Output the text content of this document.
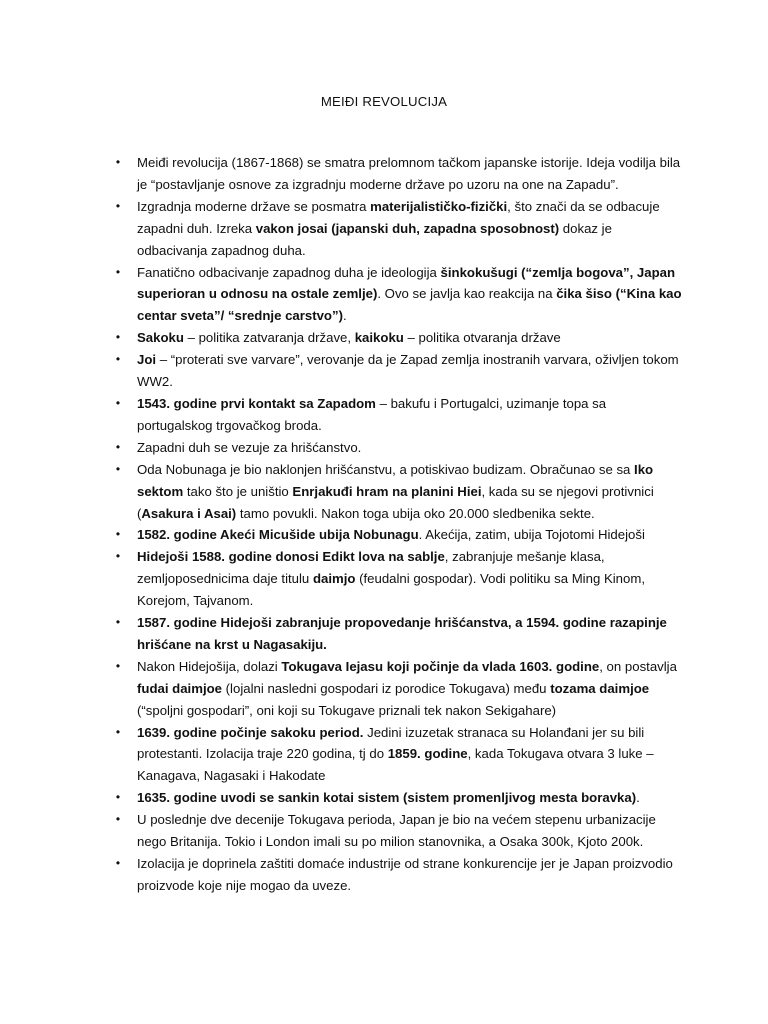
MEIĐI REVOLUCIJA
• Meiđi revolucija (1867-1868) se smatra prelomnom tačkom japanske istorije. Ideja vodilja bila je “postavljanje osnove za izgradnju moderne države po uzoru na one na Zapadu”.
• Izgradnja moderne države se posmatra materijalističko-fizički, što znači da se odbacuje zapadni duh. Izreka vakon josai (japanski duh, zapadna sposobnost) dokaz je odbacivanja zapadnog duha.
• Fanatično odbacivanje zapadnog duha je ideologija šinkokušugi (“zemlja bogova”, Japan superioran u odnosu na ostale zemlje). Ovo se javlja kao reakcija na čika šiso (“Kina kao centar sveta”/ “srednje carstvo”).
• Sakoku – politika zatvaranja države, kaikoku – politika otvaranja države
• Joi – “proterati sve varvare”, verovanje da je Zapad zemlja inostranih varvara, oživljen tokom WW2.
• 1543. godine prvi kontakt sa Zapadom – bakufu i Portugalci, uzimanje topa sa portugalskog trgovačkog broda.
• Zapadni duh se vezuje za hrišćanstvo.
• Oda Nobunaga je bio naklonjen hrišćanstvu, a potiskivao budizam. Obračunao se sa Iko sektom tako što je uništio Enrjakuđi hram na planini Hiei, kada su se njegovi protivnici (Asakura i Asai) tamo povukli. Nakon toga ubija oko 20.000 sledbenika sekte.
• 1582. godine Akeći Micušide ubija Nobunagu. Akećija, zatim, ubija Tojotomi Hidejoši
• Hidejoši 1588. godine donosi Edikt lova na sablje, zabranjuje mešanje klasa, zemljoposednicima daje titulu daimjo (feudalni gospodar). Vodi politiku sa Ming Kinom, Korejom, Tajvanom.
• 1587. godine Hidejoši zabranjuje propovedanje hrišćanstva, a 1594. godine razapinje hrišćane na krst u Nagasakiju.
• Nakon Hidejošija, dolazi Tokugava Iejasu koji počinje da vlada 1603. godine, on postavlja fudai daimjoe (lojalni nasledni gospodari iz porodice Tokugava) među tozama daimjoe (“spoljni gospodari”, oni koji su Tokugave priznali tek nakon Sekigahare)
• 1639. godine počinje sakoku period. Jedini izuzetak stranaca su Holanđani jer su bili protestanti. Izolacija traje 220 godina, tj do 1859. godine, kada Tokugava otvara 3 luke – Kanagava, Nagasaki i Hakodate
• 1635. godine uvodi se sankin kotai sistem (sistem promenljivog mesta boravka).
• U poslednje dve decenije Tokugava perioda, Japan je bio na većem stepenu urbanizacije nego Britanija. Tokio i London imali su po milion stanovnika, a Osaka 300k, Kjoto 200k.
• Izolacija je doprinela zaštiti domaće industrije od strane konkurencije jer je Japan proizvodio proizvode koje nije mogao da uveze.
